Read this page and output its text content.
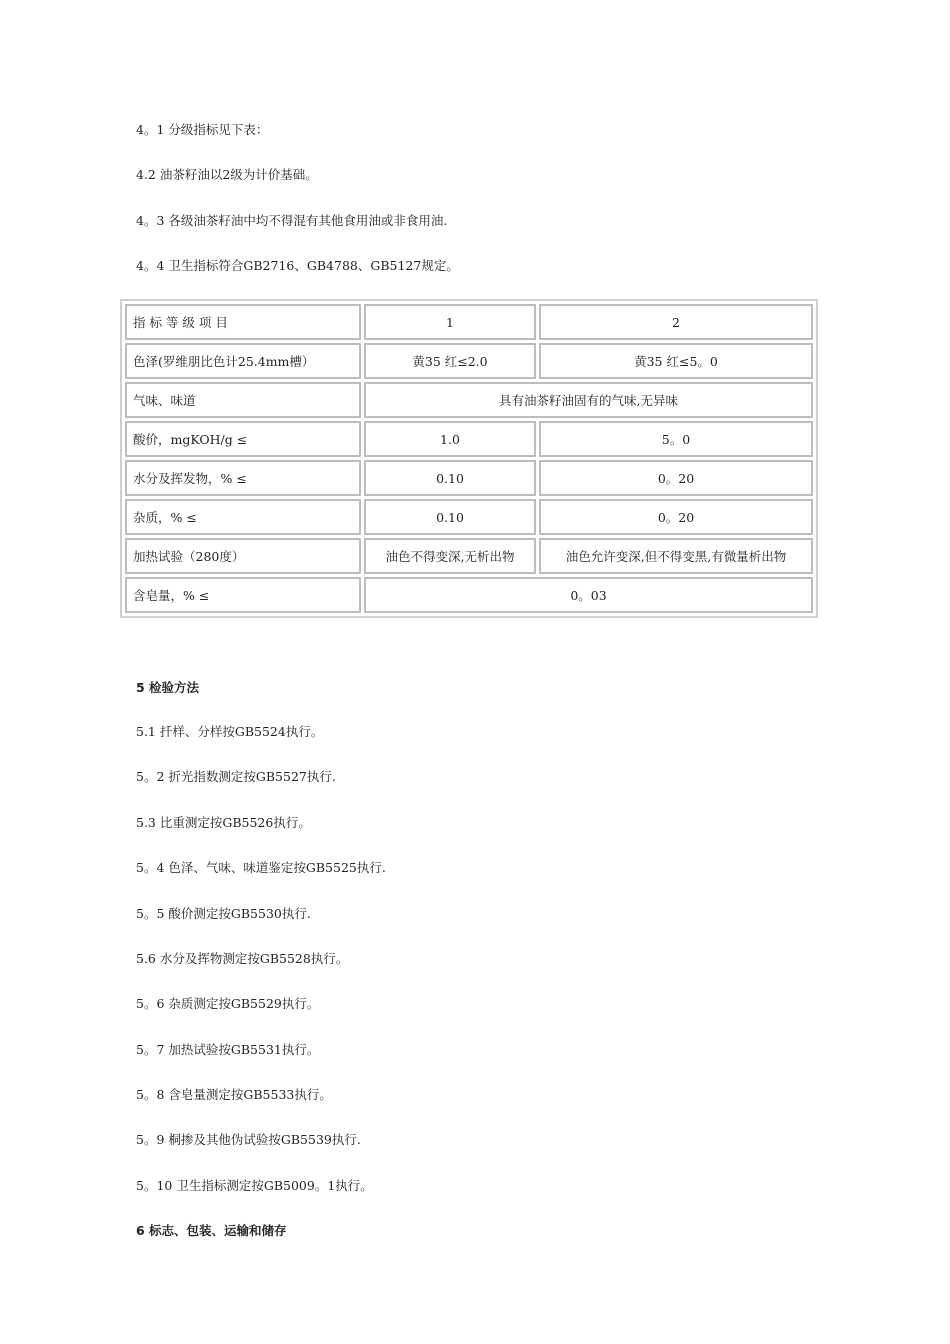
4。1 分级指标见下表：
4.2 油茶籽油以2级为计价基础。
4。3 各级油茶籽油中均不得混有其他食用油或非食用油.
4。4 卫生指标符合GB2716、GB4788、GB5127规定。
指 标 等 级 项 目	1	2
色泽(罗维朋比色计25.4mm槽）	黄35 红≤2.0	黄35 红≤5。0
气味、味道	具有油茶籽油固有的气味,无异味	
酸价，mgKOH/g ≤	1.0	5。0
水分及挥发物，% ≤	0.10	0。20
杂质，% ≤	0.10	0。20
加热试验（280度）	油色不得变深,无析出物	油色允许变深,但不得变黑,有微量析出物
含皂量，% ≤	0。03	
5 检验方法
5.1 扦样、分样按GB5524执行。
5。2 折光指数测定按GB5527执行.
5.3 比重测定按GB5526执行。
5。4 色泽、气味、味道鉴定按GB5525执行.
5。5 酸价测定按GB5530执行.
5.6 水分及挥物测定按GB5528执行。
5。6 杂质测定按GB5529执行。
5。7 加热试验按GB5531执行。
5。8 含皂量测定按GB5533执行。
5。9 桐掺及其他伪试验按GB5539执行.
5。10 卫生指标测定按GB5009。1执行。
6 标志、包装、运输和储存
